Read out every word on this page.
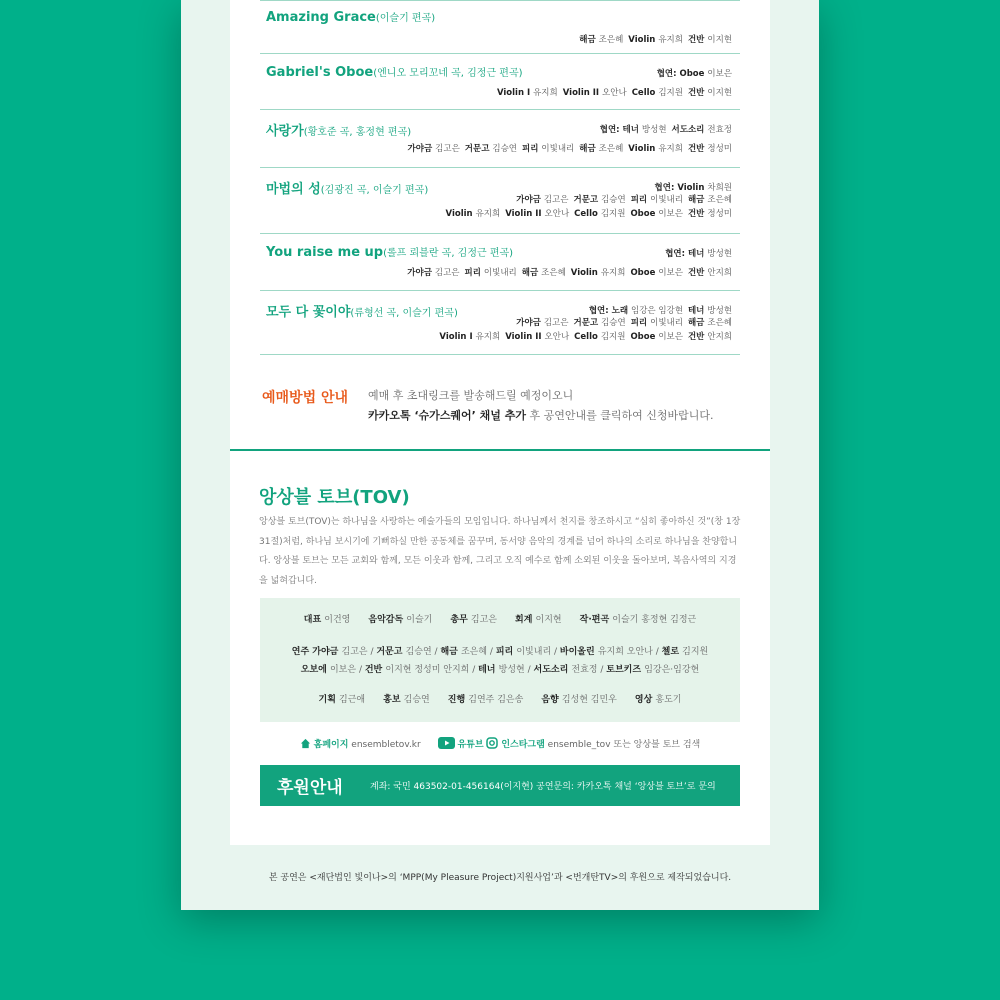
Amazing Grace(이슬기 편곡)
해금 조은혜 Violin 유지희 건반 이지현
Gabriel's Oboe(엔니오 모리꼬네 곡, 김정근 편곡)	협연: Oboe 이보은
Violin I 유지희 Violin II 오안나 Cello 김지원 건반 이지현
사랑가(황호준 곡, 홍정현 편곡)	협연: 테너 방성현 서도소리 전효정
가야금 김고은 거문고 김승연 피리 이빛내리 해금 조은혜 Violin 유지희 건반 정성미
마법의 성(김광진 곡, 이슬기 편곡)	협연: Violin 차희원
가야금 김고은 거문고 김승연 피리 이빛내리 해금 조은혜
Violin 유지희 Violin II 오안나 Cello 김지원 Oboe 이보은 건반 정성미
You raise me up(롤프 뢰블란 곡, 김정근 편곡)	협연: 테너 방성현
가야금 김고은 피리 이빛내리 해금 조은혜 Violin 유지희 Oboe 이보은 건반 안지희
모두 다 꽃이야(류형선 곡, 이슬기 편곡)	협연: 노래 임강은 임강현 테너 방성현
가야금 김고은 거문고 김승연 피리 이빛내리 해금 조은혜
Violin I 유지희 Violin II 오안나 Cello 김지원 Oboe 이보은 건반 안지희
예매방법 안내 예매 후 초대링크를 발송해드릴 예정이오니
카카오톡 ‘슈가스퀘어’ 채널 추가 후 공연안내를 클릭하여 신청바랍니다.
앙상블 토브(TOV)
앙상블 토브(TOV)는 하나님을 사랑하는 예술가들의 모임입니다. 하나님께서 천지를 창조하시고 “심히 좋아하신 것”(창 1장 31절)처럼, 하나님 보시기에 기뻐하실 만한 공동체를 꿈꾸며, 동서양 음악의 경계를 넘어 하나의 소리로 하나님을 찬양합니다. 앙상블 토브는 모든 교회와 함께, 모든 이웃과 함께, 그리고 오직 예수로 함께 소외된 이웃을 돌아보며, 복음사역의 지경을 넓혀갑니다.
대표 이건영 음악감독 이슬기 총무 김고은 회계 이지현 작·편곡 이슬기 홍정현 김정근
연주 가야금 김고은 / 거문고 김승연 / 해금 조은혜 / 피리 이빛내리 / 바이올린 유지희 오안나 / 첼로 김지원
오보에 이보은 / 건반 이지현 정성미 안지희 / 테너 방성현 / 서도소리 전효정 / 토브키즈 임강은·임강현
기획 김근애 홍보 김승연 진행 김연주 김은송 음향 김성현 김민우 영상 홍도기
홈페이지 ensembletov.kr	유튜브 인스타그램 ensemble_tov 또는 앙상블 토브 검색
후원안내	계좌: 국민 463502-01-456164(이지현) 공연문의: 카카오톡 채널 ‘앙상블 토브’로 문의
본 공연은 <재단법인 빛이나>의 ‘MPP(My Pleasure Project)지원사업’과 <번개탄TV>의 후원으로 제작되었습니다.
